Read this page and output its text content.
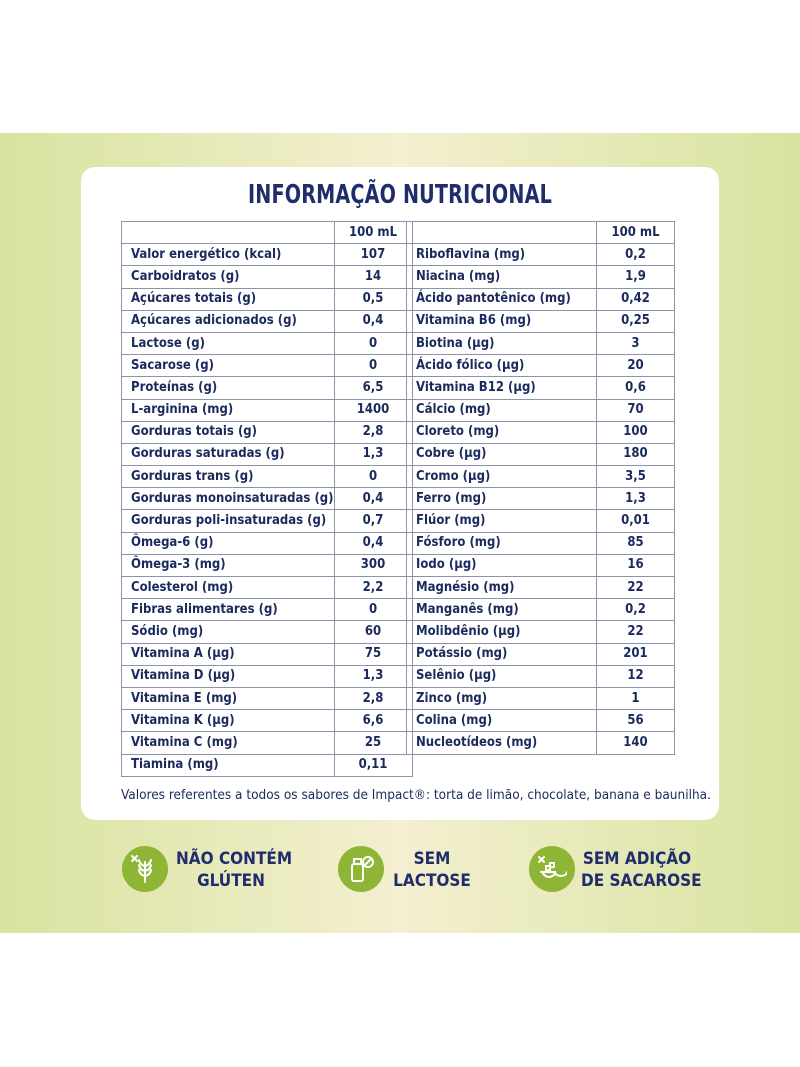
INFORMAÇÃO NUTRICIONAL
	100 mL
Valor energético (kcal)	107
Carboidratos (g)	14
Açúcares totais (g)	0,5
Açúcares adicionados (g)	0,4
Lactose (g)	0
Sacarose (g)	0
Proteínas (g)	6,5
L-arginina (mg)	1400
Gorduras totais (g)	2,8
Gorduras saturadas (g)	1,3
Gorduras trans (g)	0
Gorduras monoinsaturadas (g)	0,4
Gorduras poli-insaturadas (g)	0,7
Ômega-6 (g)	0,4
Ômega-3 (mg)	300
Colesterol (mg)	2,2
Fibras alimentares (g)	0
Sódio (mg)	60
Vitamina A (µg)	75
Vitamina D (µg)	1,3
Vitamina E (mg)	2,8
Vitamina K (µg)	6,6
Vitamina C (mg)	25
Tiamina (mg)	0,11
	100 mL
Riboflavina (mg)	0,2
Niacina (mg)	1,9
Ácido pantotênico (mg)	0,42
Vitamina B6 (mg)	0,25
Biotina (µg)	3
Ácido fólico (µg)	20
Vitamina B12 (µg)	0,6
Cálcio (mg)	70
Cloreto (mg)	100
Cobre (µg)	180
Cromo (µg)	3,5
Ferro (mg)	1,3
Flúor (mg)	0,01
Fósforo (mg)	85
Iodo (µg)	16
Magnésio (mg)	22
Manganês (mg)	0,2
Molibdênio (µg)	22
Potássio (mg)	201
Selênio (µg)	12
Zinco (mg)	1
Colina (mg)	56
Nucleotídeos (mg)	140
Valores referentes a todos os sabores de Impact®: torta de limão, chocolate, banana e baunilha.
NÃO CONTÉM
GLÚTEN
SEM
LACTOSE
SEM ADIÇÃO
DE SACAROSE
